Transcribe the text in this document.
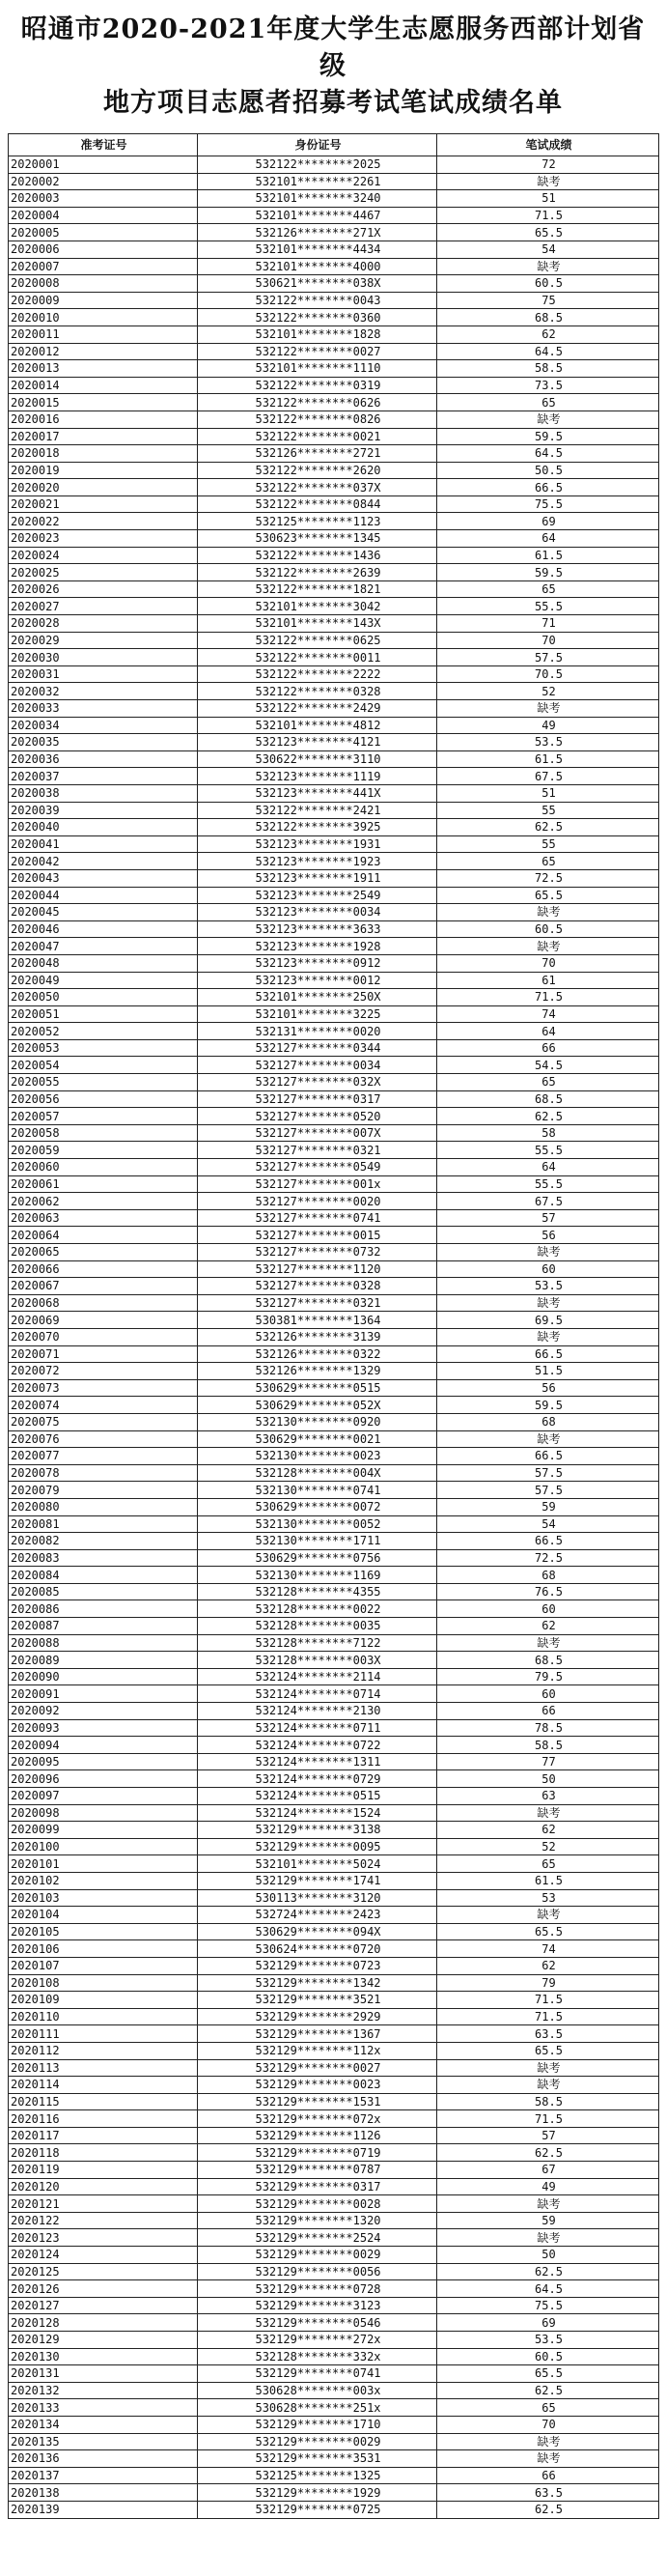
昭通市2020-2021年度大学生志愿服务西部计划省级
地方项目志愿者招募考试笔试成绩名单
准考证号	身份证号	笔试成绩
2020001	532122********2025	72
2020002	532101********2261	缺考
2020003	532101********3240	51
2020004	532101********4467	71.5
2020005	532126********271X	65.5
2020006	532101********4434	54
2020007	532101********4000	缺考
2020008	530621********038X	60.5
2020009	532122********0043	75
2020010	532122********0360	68.5
2020011	532101********1828	62
2020012	532122********0027	64.5
2020013	532101********1110	58.5
2020014	532122********0319	73.5
2020015	532122********0626	65
2020016	532122********0826	缺考
2020017	532122********0021	59.5
2020018	532126********2721	64.5
2020019	532122********2620	50.5
2020020	532122********037X	66.5
2020021	532122********0844	75.5
2020022	532125********1123	69
2020023	530623********1345	64
2020024	532122********1436	61.5
2020025	532122********2639	59.5
2020026	532122********1821	65
2020027	532101********3042	55.5
2020028	532101********143X	71
2020029	532122********0625	70
2020030	532122********0011	57.5
2020031	532122********2222	70.5
2020032	532122********0328	52
2020033	532122********2429	缺考
2020034	532101********4812	49
2020035	532123********4121	53.5
2020036	530622********3110	61.5
2020037	532123********1119	67.5
2020038	532123********441X	51
2020039	532122********2421	55
2020040	532122********3925	62.5
2020041	532123********1931	55
2020042	532123********1923	65
2020043	532123********1911	72.5
2020044	532123********2549	65.5
2020045	532123********0034	缺考
2020046	532123********3633	60.5
2020047	532123********1928	缺考
2020048	532123********0912	70
2020049	532123********0012	61
2020050	532101********250X	71.5
2020051	532101********3225	74
2020052	532131********0020	64
2020053	532127********0344	66
2020054	532127********0034	54.5
2020055	532127********032X	65
2020056	532127********0317	68.5
2020057	532127********0520	62.5
2020058	532127********007X	58
2020059	532127********0321	55.5
2020060	532127********0549	64
2020061	532127********001x	55.5
2020062	532127********0020	67.5
2020063	532127********0741	57
2020064	532127********0015	56
2020065	532127********0732	缺考
2020066	532127********1120	60
2020067	532127********0328	53.5
2020068	532127********0321	缺考
2020069	530381********1364	69.5
2020070	532126********3139	缺考
2020071	532126********0322	66.5
2020072	532126********1329	51.5
2020073	530629********0515	56
2020074	530629********052X	59.5
2020075	532130********0920	68
2020076	530629********0021	缺考
2020077	532130********0023	66.5
2020078	532128********004X	57.5
2020079	532130********0741	57.5
2020080	530629********0072	59
2020081	532130********0052	54
2020082	532130********1711	66.5
2020083	530629********0756	72.5
2020084	532130********1169	68
2020085	532128********4355	76.5
2020086	532128********0022	60
2020087	532128********0035	62
2020088	532128********7122	缺考
2020089	532128********003X	68.5
2020090	532124********2114	79.5
2020091	532124********0714	60
2020092	532124********2130	66
2020093	532124********0711	78.5
2020094	532124********0722	58.5
2020095	532124********1311	77
2020096	532124********0729	50
2020097	532124********0515	63
2020098	532124********1524	缺考
2020099	532129********3138	62
2020100	532129********0095	52
2020101	532101********5024	65
2020102	532129********1741	61.5
2020103	530113********3120	53
2020104	532724********2423	缺考
2020105	530629********094X	65.5
2020106	530624********0720	74
2020107	532129********0723	62
2020108	532129********1342	79
2020109	532129********3521	71.5
2020110	532129********2929	71.5
2020111	532129********1367	63.5
2020112	532129********112x	65.5
2020113	532129********0027	缺考
2020114	532129********0023	缺考
2020115	532129********1531	58.5
2020116	532129********072x	71.5
2020117	532129********1126	57
2020118	532129********0719	62.5
2020119	532129********0787	67
2020120	532129********0317	49
2020121	532129********0028	缺考
2020122	532129********1320	59
2020123	532129********2524	缺考
2020124	532129********0029	50
2020125	532129********0056	62.5
2020126	532129********0728	64.5
2020127	532129********3123	75.5
2020128	532129********0546	69
2020129	532129********272x	53.5
2020130	532128********332x	60.5
2020131	532129********0741	65.5
2020132	530628********003x	62.5
2020133	530628********251x	65
2020134	532129********1710	70
2020135	532129********0029	缺考
2020136	532129********3531	缺考
2020137	532125********1325	66
2020138	532129********1929	63.5
2020139	532129********0725	62.5
